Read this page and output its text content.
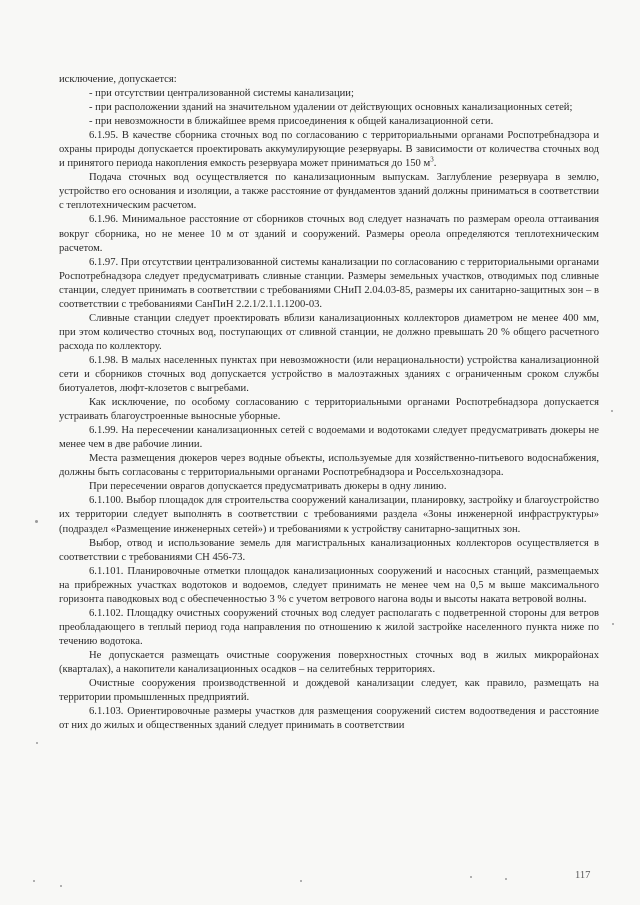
исключение, допускается:

- при отсутствии централизованной системы канализации;

- при расположении зданий на значительном удалении от действующих основных канализационных сетей;

- при невозможности в ближайшее время присоединения к общей канализационной сети.

6.1.95. В качестве сборника сточных вод по согласованию с территориальными органами Роспотребнадзора и охраны природы допускается проектировать аккумулирующие резервуары. В зависимости от количества сточных вод и принятого периода накопления емкость резервуара может приниматься до 150 $м^3$.

Подача сточных вод осуществляется по канализационным выпускам. Заглубление резервуара в землю, устройство его основания и изоляции, а также расстояние от фундаментов зданий должны приниматься в соответствии с теплотехническим расчетом.

6.1.96. Минимальное расстояние от сборников сточных вод следует назначать по размерам ореола оттаивания вокруг сборника, но не менее 10 м от зданий и сооружений. Размеры ореола определяются теплотехническим расчетом.

6.1.97. При отсутствии централизованной системы канализации по согласованию с территориальными органами Роспотребнадзора следует предусматривать сливные станции. Размеры земельных участков, отводимых под сливные станции, следует принимать в соответствии с требованиями СНиП 2.04.03-85, размеры их санитарно-защитных зон – в соответствии с требованиями СанПиН 2.2.1/2.1.1.1200-03.

Сливные станции следует проектировать вблизи канализационных коллекторов диаметром не менее 400 мм, при этом количество сточных вод, поступающих от сливной станции, не должно превышать 20 % общего расчетного расхода по коллектору.

6.1.98. В малых населенных пунктах при невозможности (или нерациональности) устройства канализационной сети и сборников сточных вод допускается устройство в малоэтажных зданиях с ограниченным сроком службы биотуалетов, люфт-клозетов с выгребами.

Как исключение, по особому согласованию с территориальными органами Роспотребнадзора допускается устраивать благоустроенные выносные уборные.

6.1.99. На пересечении канализационных сетей с водоемами и водотоками следует предусматривать дюкеры не менее чем в две рабочие линии.

Места размещения дюкеров через водные объекты, используемые для хозяйственно-питьевого водоснабжения, должны быть согласованы с территориальными органами Роспотребнадзора и Россельхознадзора.

При пересечении оврагов допускается предусматривать дюкеры в одну линию.

6.1.100. Выбор площадок для строительства сооружений канализации, планировку, застройку и благоустройство их территории следует выполнять в соответствии с требованиями раздела «Зоны инженерной инфраструктуры» (подраздел «Размещение инженерных сетей») и требованиями к устройству санитарно-защитных зон.

Выбор, отвод и использование земель для магистральных канализационных коллекторов осуществляется в соответствии с требованиями СН 456-73.

6.1.101. Планировочные отметки площадок канализационных сооружений и насосных станций, размещаемых на прибрежных участках водотоков и водоемов, следует принимать не менее чем на 0,5 м выше максимального горизонта паводковых вод с обеспеченностью 3 % с учетом ветрового нагона воды и высоты наката ветровой волны.

6.1.102. Площадку очистных сооружений сточных вод следует располагать с подветренной стороны для ветров преобладающего в теплый период года направления по отношению к жилой застройке населенного пункта ниже по течению водотока.

Не допускается размещать очистные сооружения поверхностных сточных вод в жилых микрорайонах (кварталах), а накопители канализационных осадков – на селитебных территориях.

Очистные сооружения производственной и дождевой канализации следует, как правило, размещать на территории промышленных предприятий.

6.1.103. Ориентировочные размеры участков для размещения сооружений систем водоотведения и расстояние от них до жилых и общественных зданий следует принимать в соответствии

117
